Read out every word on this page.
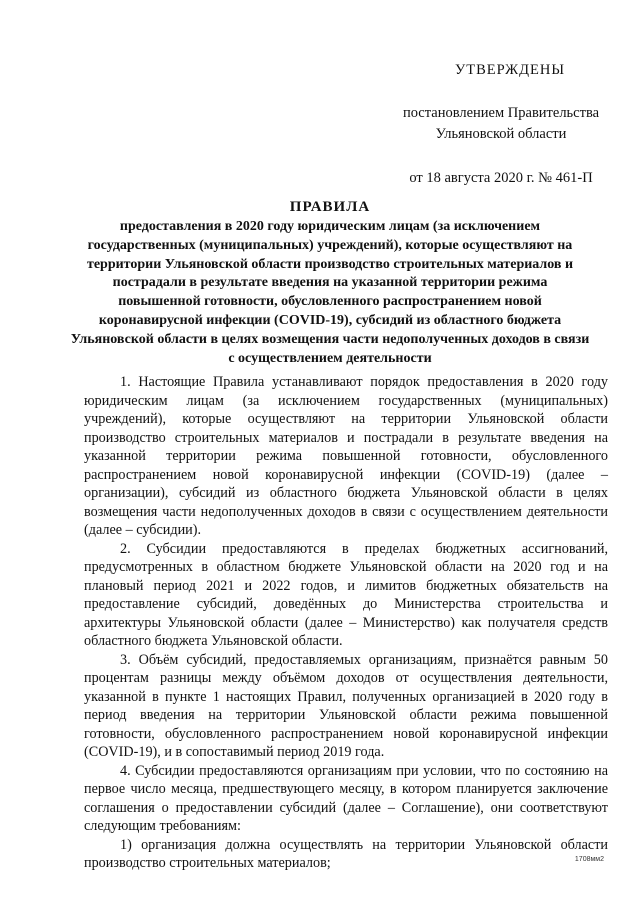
УТВЕРЖДЕНЫ
постановлением Правительства
Ульяновской области
от 18 августа 2020 г. № 461-П
ПРАВИЛА
предоставления в 2020 году юридическим лицам (за исключением государственных (муниципальных) учреждений), которые осуществляют на территории Ульяновской области производство строительных материалов и пострадали в результате введения на указанной территории режима повышенной готовности, обусловленного распространением новой коронавирусной инфекции (COVID-19), субсидий из областного бюджета Ульяновской области в целях возмещения части недополученных доходов в связи с осуществлением деятельности

1. Настоящие Правила устанавливают порядок предоставления в 2020 году юридическим лицам (за исключением государственных (муниципальных) учреждений), которые осуществляют на территории Ульяновской области производство строительных материалов и пострадали в результате введения на указанной территории режима повышенной готовности, обусловленного распространением новой коронавирусной инфекции (COVID-19) (далее – организации), субсидий из областного бюджета Ульяновской области в целях возмещения части недополученных доходов в связи с осуществлением деятельности (далее – субсидии).

2. Субсидии предоставляются в пределах бюджетных ассигнований, предусмотренных в областном бюджете Ульяновской области на 2020 год и на плановый период 2021 и 2022 годов, и лимитов бюджетных обязательств на предоставление субсидий, доведённых до Министерства строительства и архитектуры Ульяновской области (далее – Министерство) как получателя средств областного бюджета Ульяновской области.

3. Объём субсидий, предоставляемых организациям, признаётся равным 50 процентам разницы между объёмом доходов от осуществления деятельности, указанной в пункте 1 настоящих Правил, полученных организацией в 2020 году в период введения на территории Ульяновской области режима повышенной готовности, обусловленного распространением новой коронавирусной инфекции (COVID-19), и в сопоставимый период 2019 года.

4. Субсидии предоставляются организациям при условии, что по состоянию на первое число месяца, предшествующего месяцу, в котором планируется заключение соглашения о предоставлении субсидий (далее – Соглашение), они соответствуют следующим требованиям:

1) организация должна осуществлять на территории Ульяновской области производство строительных материалов;	1708мм2
